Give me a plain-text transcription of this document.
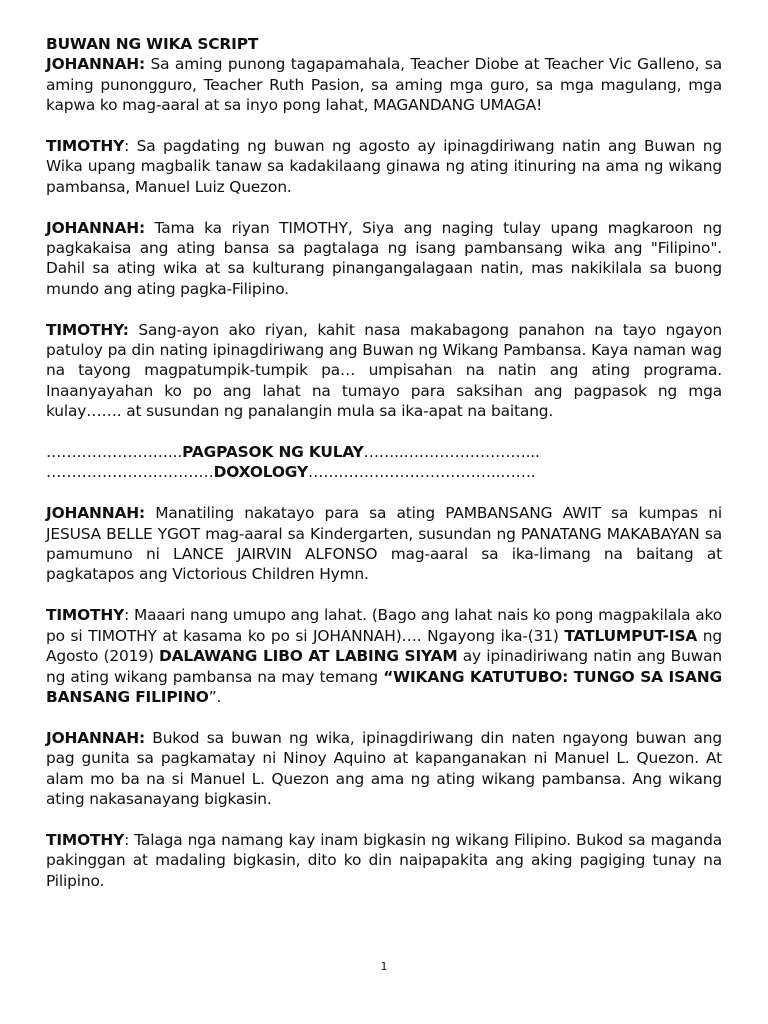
BUWAN NG WIKA SCRIPT

JOHANNAH: Sa aming punong tagapamahala, Teacher Diobe at Teacher Vic Galleno, sa aming punongguro, Teacher Ruth Pasion, sa aming mga guro, sa mga magulang, mga kapwa ko mag-aaral at sa inyo pong lahat, MAGANDANG UMAGA!

TIMOTHY: Sa pagdating ng buwan ng agosto ay ipinagdiriwang natin ang Buwan ng Wika upang magbalik tanaw sa kadakilaang ginawa ng ating itinuring na ama ng wikang pambansa, Manuel Luiz Quezon.

JOHANNAH: Tama ka riyan TIMOTHY, Siya ang naging tulay upang magkaroon ng pagkakaisa ang ating bansa sa pagtalaga ng isang pambansang wika ang "Filipino". Dahil sa ating wika at sa kulturang pinangangalagaan natin, mas nakikilala sa buong mundo ang ating pagka-Filipino.

TIMOTHY: Sang-ayon ako riyan, kahit nasa makabagong panahon na tayo ngayon patuloy pa din nating ipinagdiriwang ang Buwan ng Wikang Pambansa. Kaya naman wag na tayong magpatumpik-tumpik pa… umpisahan na natin ang ating programa. Inaanyayahan ko po ang lahat na tumayo para saksihan ang pagpasok ng mga kulay……. at susundan ng panalangin mula sa ika-apat na baitang.

……………………...PAGPASOK NG KULAY……..……………………...

……………………………DOXOLOGY………………………………..…….

JOHANNAH: Manatiling nakatayo para sa ating PAMBANSANG AWIT sa kumpas ni JESUSA BELLE YGOT mag-aaral sa Kindergarten, susundan ng PANATANG MAKABAYAN sa pamumuno ni LANCE JAIRVIN ALFONSO mag-aaral sa ika-limang na baitang at pagkatapos ang Victorious Children Hymn.

TIMOTHY: Maaari nang umupo ang lahat. (Bago ang lahat nais ko pong magpakilala ako po si TIMOTHY at kasama ko po si JOHANNAH)…. Ngayong ika-(31) TATLUMPUT-ISA ng Agosto (2019) DALAWANG LIBO AT LABING SIYAM ay ipinadiriwang natin ang Buwan ng ating wikang pambansa na may temang “WIKANG KATUTUBO: TUNGO SA ISANG BANSANG FILIPINO”.

JOHANNAH: Bukod sa buwan ng wika, ipinagdiriwang din naten ngayong buwan ang pag gunita sa pagkamatay ni Ninoy Aquino at kapanganakan ni Manuel L. Quezon. At alam mo ba na si Manuel L. Quezon ang ama ng ating wikang pambansa. Ang wikang ating nakasanayang bigkasin.

TIMOTHY: Talaga nga namang kay inam bigkasin ng wikang Filipino. Bukod sa maganda pakinggan at madaling bigkasin, dito ko din naipapakita ang aking pagiging tunay na Pilipino.

1
